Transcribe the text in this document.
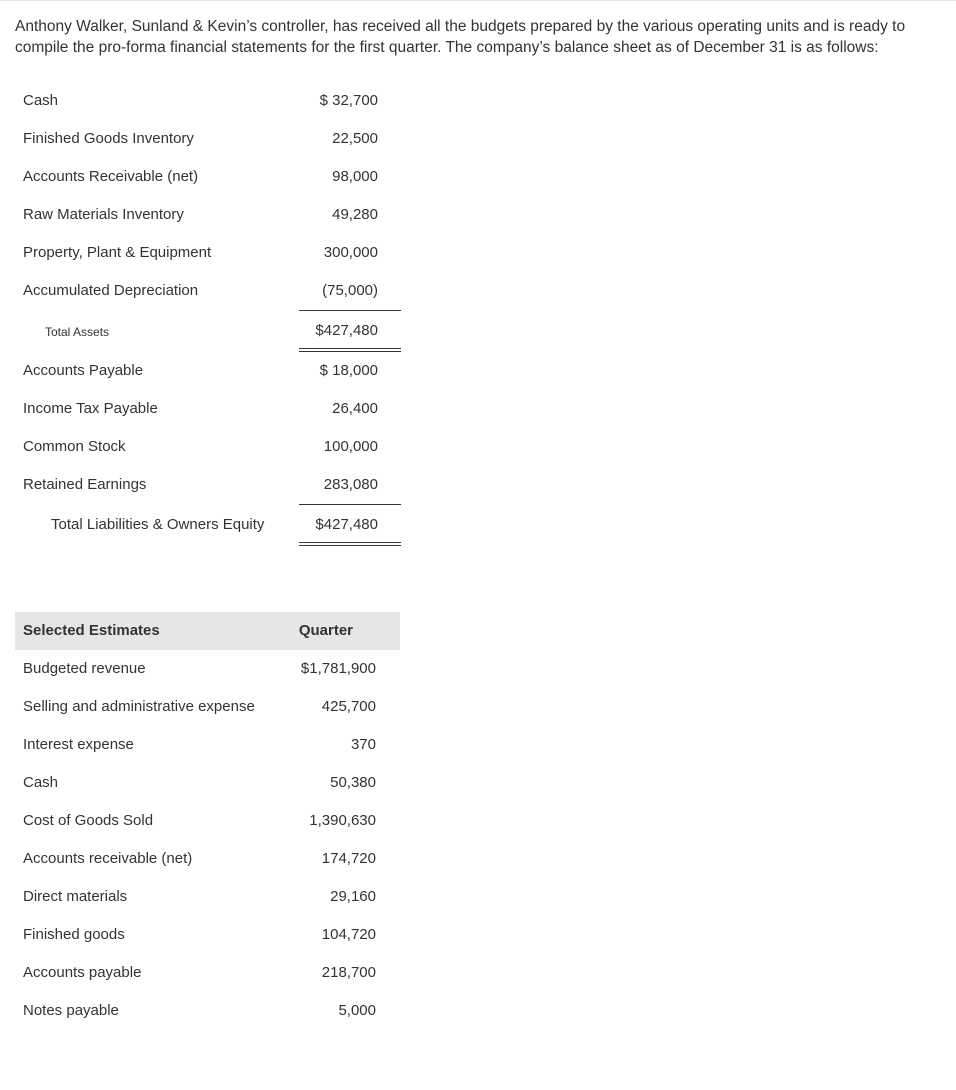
Anthony Walker, Sunland & Kevin’s controller, has received all the budgets prepared by the various operating units and is ready to compile the pro-forma financial statements for the first quarter. The company’s balance sheet as of December 31 is as follows:
Cash	$ 32,700
Finished Goods Inventory	22,500
Accounts Receivable (net)	98,000
Raw Materials Inventory	49,280
Property, Plant & Equipment	300,000
Accumulated Depreciation	(75,000)
Total Assets	$427,480
Accounts Payable	$ 18,000
Income Tax Payable	26,400
Common Stock	100,000
Retained Earnings	283,080
Total Liabilities & Owners Equity	$427,480
Selected Estimates	Quarter
Budgeted revenue	$1,781,900
Selling and administrative expense	425,700
Interest expense	370
Cash	50,380
Cost of Goods Sold	1,390,630
Accounts receivable (net)	174,720
Direct materials	29,160
Finished goods	104,720
Accounts payable	218,700
Notes payable	5,000
